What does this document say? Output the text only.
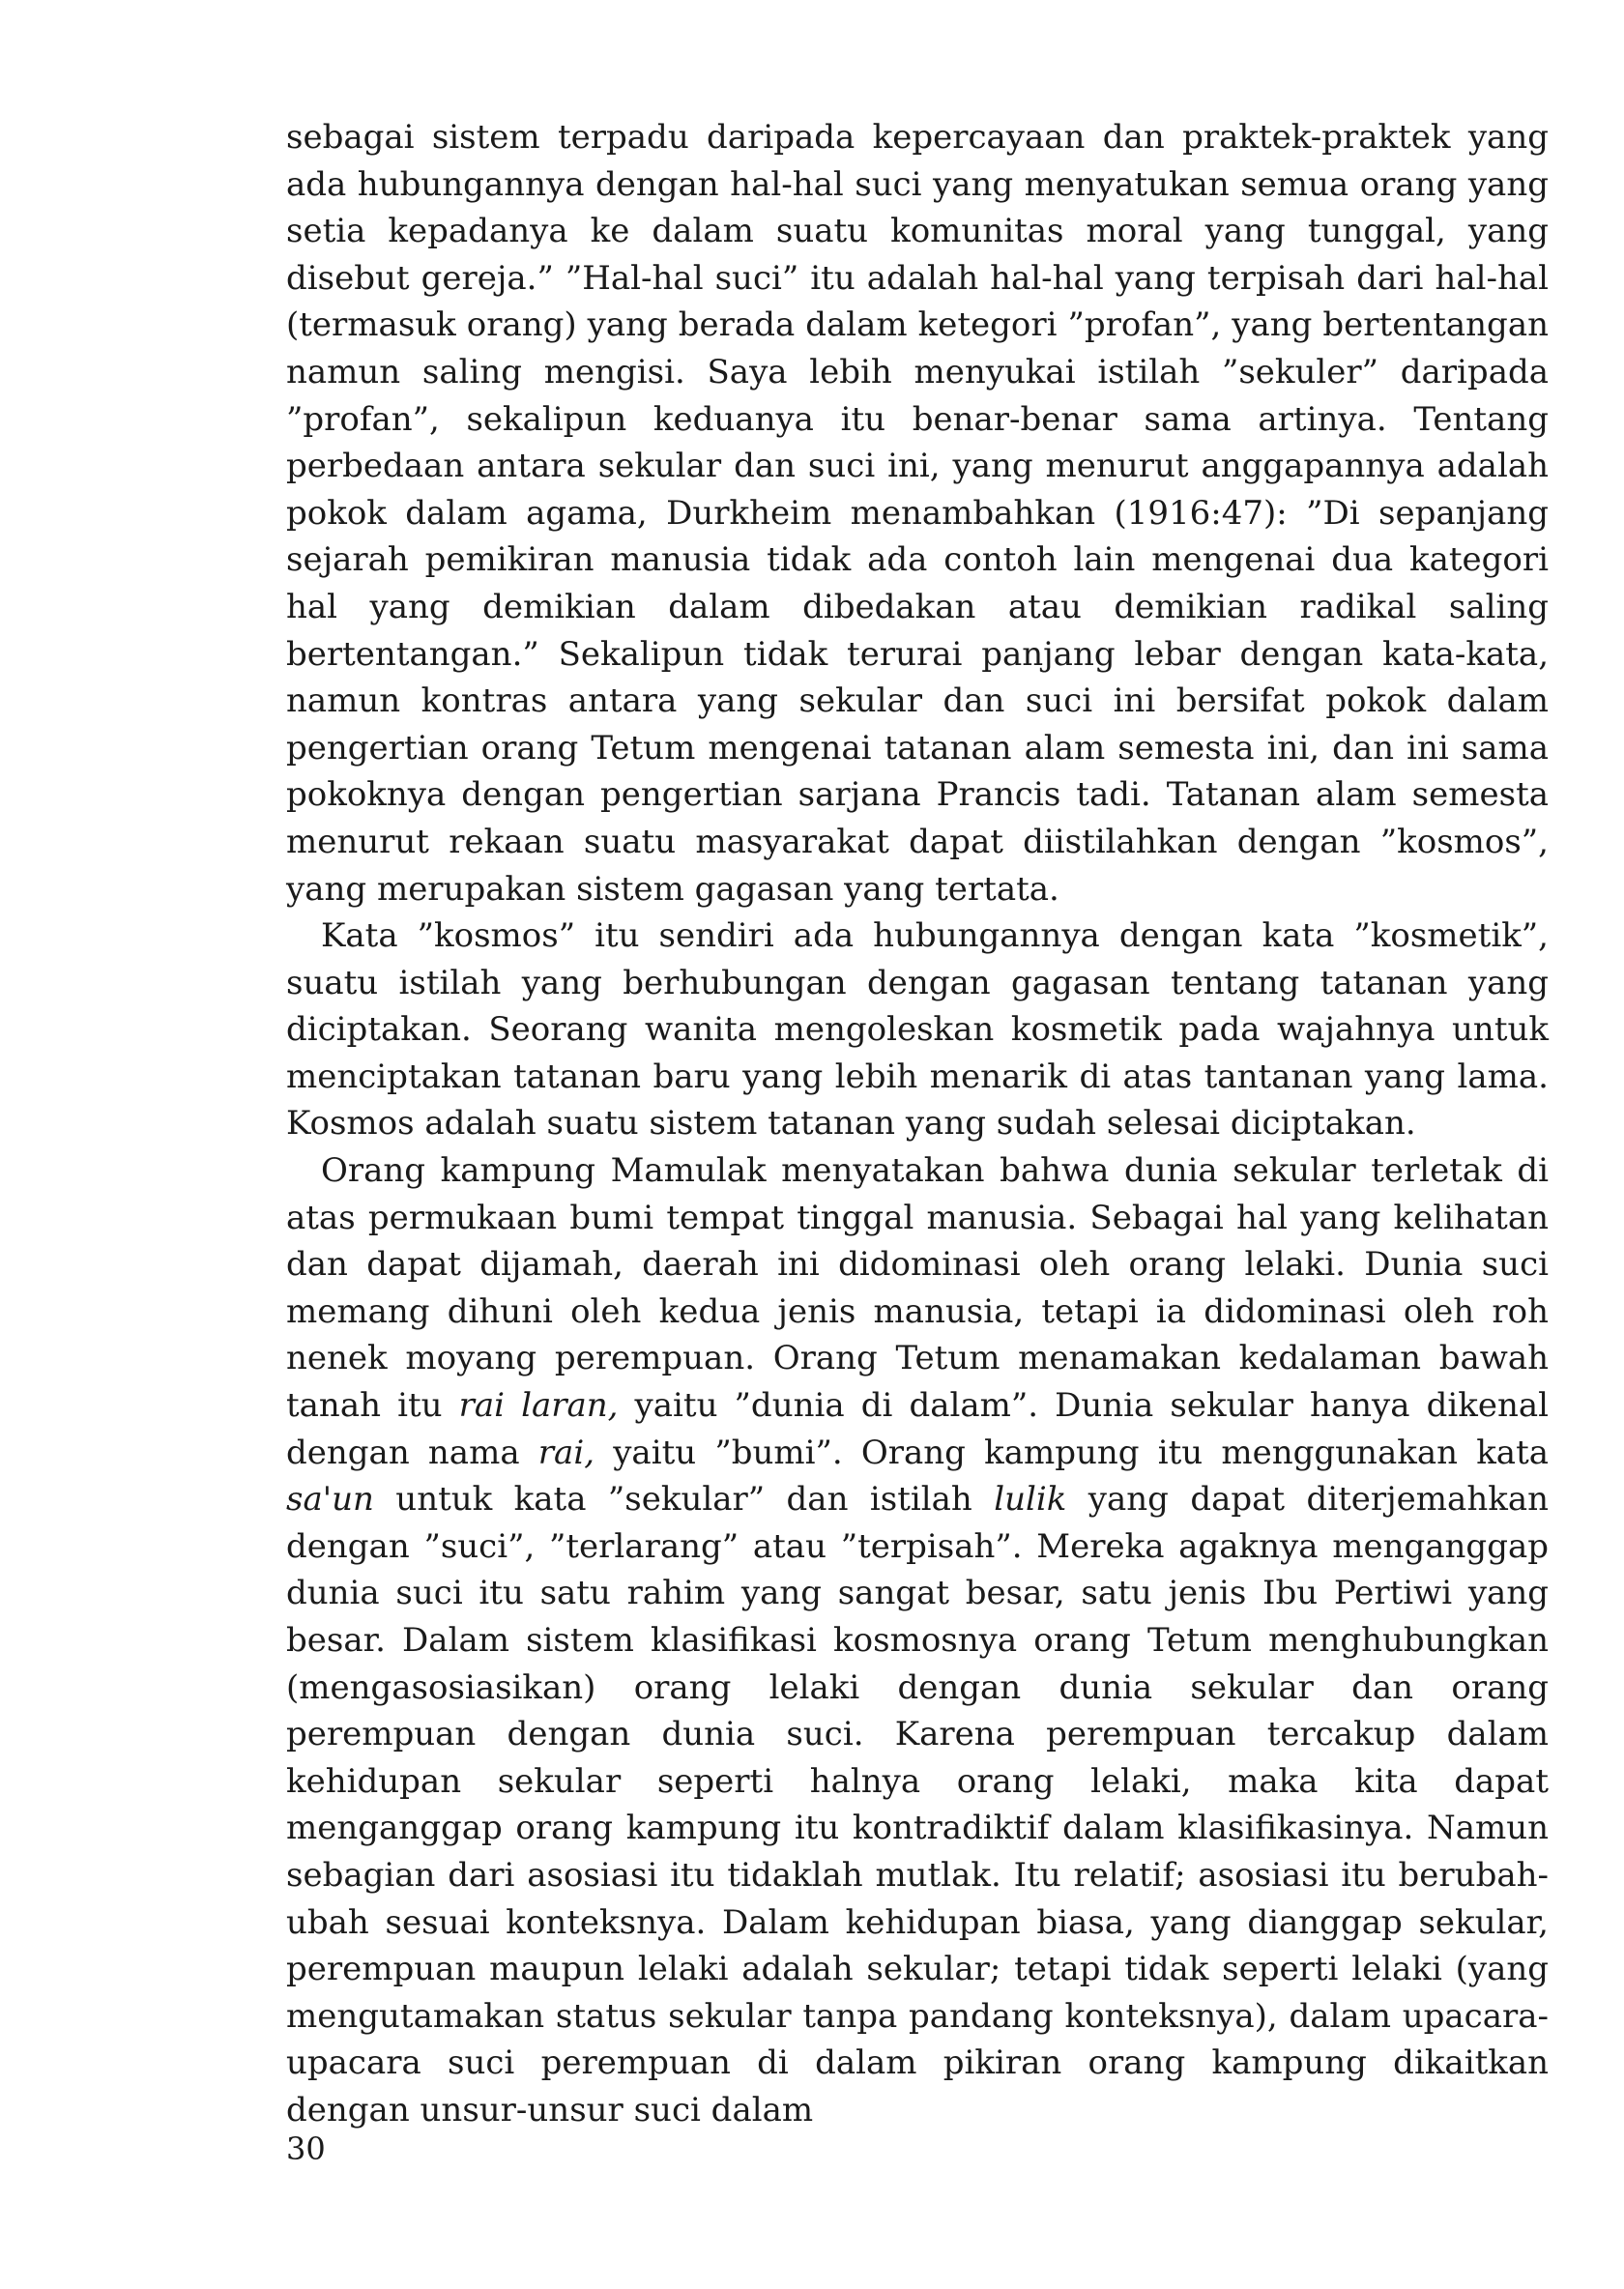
sebagai sistem terpadu daripada kepercayaan dan praktek-praktek yang ada hubungannya dengan hal-hal suci yang menyatukan semua orang yang setia kepadanya ke dalam suatu komunitas moral yang tunggal, yang disebut gereja.” ”Hal-hal suci” itu adalah hal-hal yang terpisah dari hal-hal (termasuk orang) yang berada dalam ketegori ”profan”, yang bertentangan namun saling mengisi. Saya lebih menyukai istilah ”sekuler” daripada ”profan”, sekalipun keduanya itu benar-benar sama artinya. Tentang perbedaan antara sekular dan suci ini, yang menurut anggapannya adalah pokok dalam agama, Durkheim menambahkan (1916:47): ”Di sepanjang sejarah pemikiran manusia tidak ada contoh lain mengenai dua kategori hal yang demikian dalam dibedakan atau demikian radikal saling bertentangan.” Sekalipun tidak terurai panjang lebar dengan kata-kata, namun kontras antara yang sekular dan suci ini bersifat pokok dalam pengertian orang Tetum mengenai tatanan alam semesta ini, dan ini sama pokoknya dengan pengertian sarjana Prancis tadi. Tatanan alam semesta menurut rekaan suatu masyarakat dapat diistilahkan dengan ”kosmos”, yang merupakan sistem gagasan yang tertata.

Kata ”kosmos” itu sendiri ada hubungannya dengan kata ”kosmetik”, suatu istilah yang berhubungan dengan gagasan tentang tatanan yang diciptakan. Seorang wanita mengoleskan kosmetik pada wajahnya untuk menciptakan tatanan baru yang lebih menarik di atas tantanan yang lama. Kosmos adalah suatu sistem tatanan yang sudah selesai diciptakan.

Orang kampung Mamulak menyatakan bahwa dunia sekular terletak di atas permukaan bumi tempat tinggal manusia. Sebagai hal yang kelihatan dan dapat dijamah, daerah ini didominasi oleh orang lelaki. Dunia suci memang dihuni oleh kedua jenis manusia, tetapi ia didominasi oleh roh nenek moyang perempuan. Orang Tetum menamakan kedalaman bawah tanah itu rai laran, yaitu ”dunia di dalam”. Dunia sekular hanya dikenal dengan nama rai, yaitu ”bumi”. Orang kampung itu menggunakan kata sa'un untuk kata ”sekular” dan istilah lulik yang dapat diterjemahkan dengan ”suci”, ”terlarang” atau ”terpisah”. Mereka agaknya menganggap dunia suci itu satu rahim yang sangat besar, satu jenis Ibu Pertiwi yang besar. Dalam sistem klasifikasi kosmosnya orang Tetum menghubungkan (mengasosiasikan) orang lelaki dengan dunia sekular dan orang perempuan dengan dunia suci. Karena perempuan tercakup dalam kehidupan sekular seperti halnya orang lelaki, maka kita dapat menganggap orang kampung itu kontradiktif dalam klasifikasinya. Namun sebagian dari asosiasi itu tidaklah mutlak. Itu relatif; asosiasi itu berubah-ubah sesuai konteksnya. Dalam kehidupan biasa, yang dianggap sekular, perempuan maupun lelaki adalah sekular; tetapi tidak seperti lelaki (yang mengutamakan status sekular tanpa pandang konteksnya), dalam upacara-upacara suci perempuan di dalam pikiran orang kampung dikaitkan dengan unsur-unsur suci dalam

30
